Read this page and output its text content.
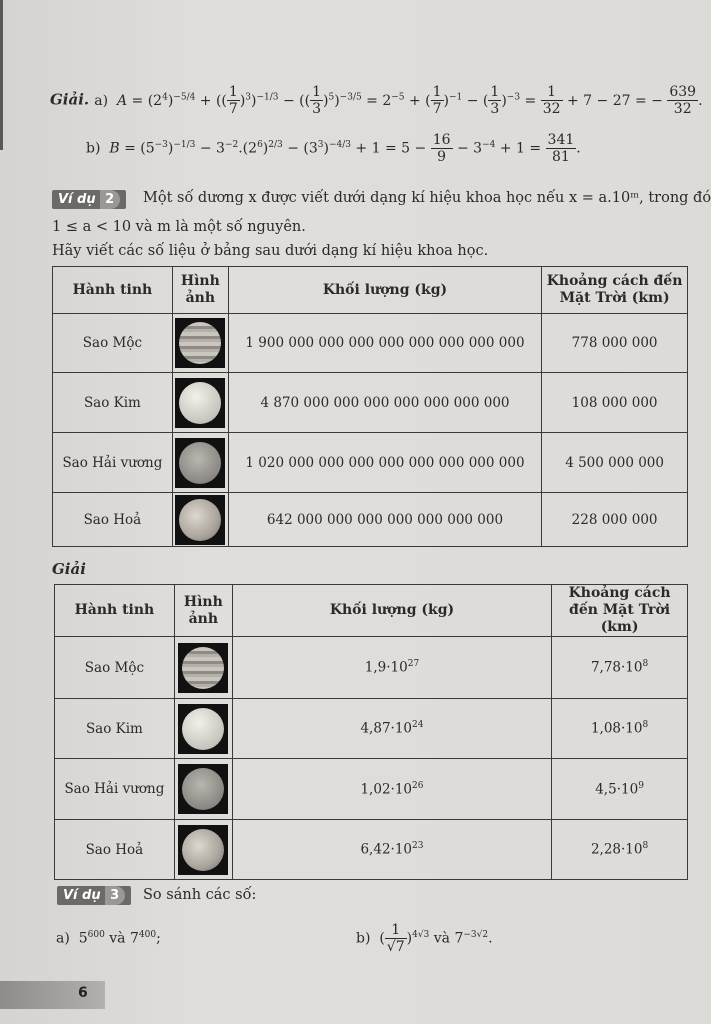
Giải. a)  $A = (2^4)^{-5/4}$ + (( $\frac{1}{7} )^3)^{-1/3}$ − (( $\frac{1}{3} )^5)^{-3/5} = 2^{-5}$ + ( $\frac{1}{7} )^{-1}$ − ( $\frac{1}{3} )^{-3} = \frac{1}{32} + 7 - 27$ = − $\frac{639}{32}$ .
b)  $B = (5^{-3})^{-1/3} - 3^{-2}.(2^6)^{2/3} - (3^3)^{-4/3} + 1 = 5 - \frac{16}{9} - 3^{-4} + 1 = \frac{341}{81}$ .
Ví dụ 2	Một số dương x được viết dưới dạng kí hiệu khoa học nếu x = a.10ᵐ, trong đó
1 ≤ a < 10 và m là một số nguyên.
Hãy viết các số liệu ở bảng sau dưới dạng kí hiệu khoa học.
Hành tinh	Hình ảnh	Khối lượng (kg)	Khoảng cách đến Mặt Trời (km)
Sao Mộc		1 900 000 000 000 000 000 000 000 000	778 000 000
Sao Kim		4 870 000 000 000 000 000 000 000	108 000 000
Sao Hải vương		1 020 000 000 000 000 000 000 000 000	4 500 000 000
Sao Hoả		642 000 000 000 000 000 000 000	228 000 000
Giải
Hành tinh	Hình ảnh	Khối lượng (kg)	Khoảng cách đến Mặt Trời (km)
Sao Mộc		$1,9\cdot 10^{27}$	$7,78\cdot 10^8$
Sao Kim		$4,87\cdot 10^{24}$	$1,08\cdot 10^8$
Sao Hải vương		$1,02\cdot 10^{26}$	$4,5\cdot 10^9$
Sao Hoả		$6,42\cdot 10^{23}$	$2,28\cdot 10^8$
Ví dụ 3	So sánh các số:
a)  $5^{600}$ và $7^{400}$;	b)  ( $\frac{1}{√7} )^{4√3}$ và $7^{-3√2}$.
6
